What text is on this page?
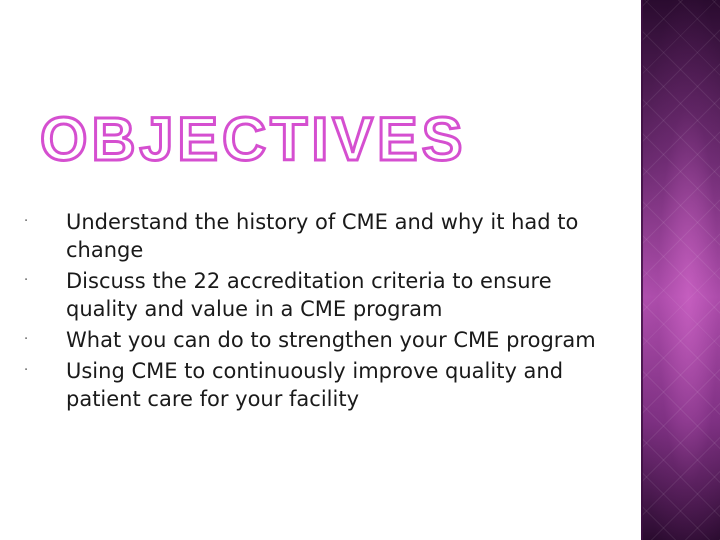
OBJECTIVES
· Understand the history of CME and why it had to change
· Discuss the 22 accreditation criteria to ensure quality and value in a CME program
· What you can do to strengthen your CME program
· Using CME to continuously improve quality and patient care for your facility
